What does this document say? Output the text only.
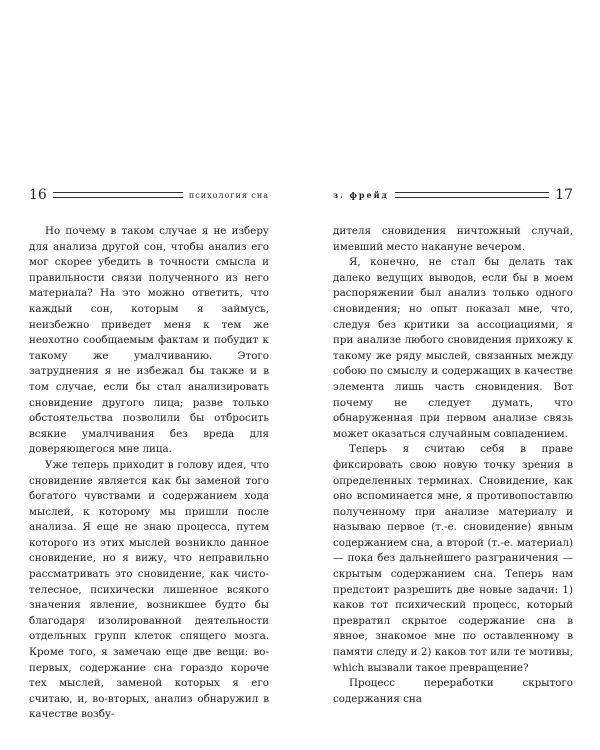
16	психология сна

Но почему в таком случае я не изберу для анализа другой сон, чтобы анализ его мог скорее убедить в точности смысла и правильности связи полученного из него материала? На это можно ответить, что каждый сон, которым я займусь, неизбежно приведет меня к тем же неохотно сообщаемым фактам и побудит к такому же умалчиванию. Этого затруднения я не избежал бы также и в том случае, если бы стал анализировать сновидение другого лица; разве только обстоятельства позволили бы отбросить всякие умалчивания без вреда для доверяющегося мне лица.

Уже теперь приходит в голову идея, что сновидение является как бы заменой того богатого чувствами и содержанием хода мыслей, к которому мы пришли после анализа. Я еще не знаю процесса, путем которого из этих мыслей возникло данное сновидение, но я вижу, что неправильно рассматривать это сновидение, как чисто-телесное, психически лишенное всякого значения явление, возникшее будто бы благодаря изолированной деятельности отдельных групп клеток спящего мозга. Кроме того, я замечаю еще две вещи: во-первых, содержание сна гораздо короче тех мыслей, заменой которых я его считаю, и, во-вторых, анализ обнаружил в качестве возбу-

з. фрейд	17

дителя сновидения ничтожный случай, имевший место накануне вечером.

Я, конечно, не стал бы делать так далеко ведущих выводов, если бы в моем распоряжении был анализ только одного сновидения; но опыт показал мне, что, следуя без критики за ассоциациями, я при анализе любого сновидения прихожу к такому же ряду мыслей, связанных между собою по смыслу и содержащих в качестве элемента лишь часть сновидения. Вот почему не следует думать, что обнаруженная при первом анализе связь может оказаться случайным совпадением.

Теперь я считаю себя в праве фиксировать свою новую точку зрения в определенных терминах. Сновидение, как оно вспоминается мне, я противопоставлю полученному при анализе материалу и называю первое (т.-е. сновидение) явным содержанием сна, а второй (т.-е. материал) — пока без дальнейшего разграничения — скрытым содержанием сна. Теперь нам предстоит разрешить две новые задачи: 1) каков тот психический процесс, который превратил скрытое содержание сна в явное, знакомое мне по оставленному в памяти следу и 2) каков тот или те мотивы, which вызвали такое превращение?

Процесс переработки скрытого содержания сна
